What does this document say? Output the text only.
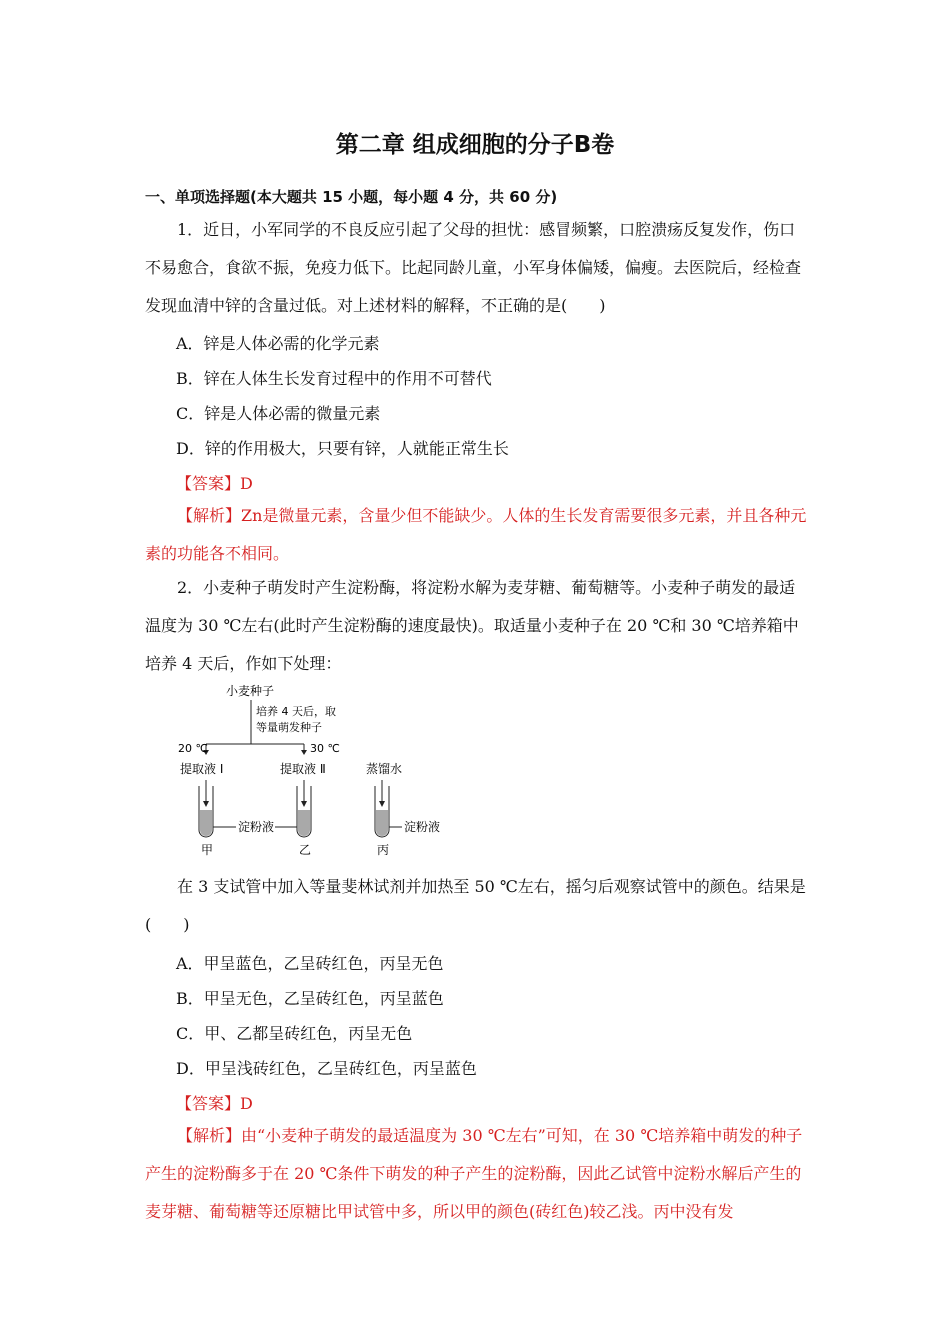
第二章 组成细胞的分子B卷
一、单项选择题(本大题共 15 小题，每小题 4 分，共 60 分)
1．近日，小军同学的不良反应引起了父母的担忧：感冒频繁，口腔溃疡反复发作，伤口不易愈合，食欲不振，免疫力低下。比起同龄儿童，小军身体偏矮，偏瘦。去医院后，经检查发现血清中锌的含量过低。对上述材料的解释，不正确的是(　　)
A．锌是人体必需的化学元素
B．锌在人体生长发育过程中的作用不可替代
C．锌是人体必需的微量元素
D．锌的作用极大，只要有锌，人就能正常生长
【答案】D
【解析】Zn是微量元素，含量少但不能缺少。人体的生长发育需要很多元素，并且各种元素的功能各不相同。
2．小麦种子萌发时产生淀粉酶，将淀粉水解为麦芽糖、葡萄糖等。小麦种子萌发的最适温度为 30 ℃左右(此时产生淀粉酶的速度最快)。取适量小麦种子在 20 ℃和 30 ℃培养箱中培养 4 天后，作如下处理：
小麦种子
培养 4 天后，取
等量萌发种子
20 ℃	30 ℃
提取液 Ⅰ	提取液 Ⅱ	蒸馏水
淀粉液	淀粉液
甲	乙	丙
在 3 支试管中加入等量斐林试剂并加热至 50 ℃左右，摇匀后观察试管中的颜色。结果是(　　)
A．甲呈蓝色，乙呈砖红色，丙呈无色
B．甲呈无色，乙呈砖红色，丙呈蓝色
C．甲、乙都呈砖红色，丙呈无色
D．甲呈浅砖红色，乙呈砖红色，丙呈蓝色
【答案】D
【解析】由“小麦种子萌发的最适温度为 30 ℃左右”可知，在 30 ℃培养箱中萌发的种子产生的淀粉酶多于在 20 ℃条件下萌发的种子产生的淀粉酶，因此乙试管中淀粉水解后产生的麦芽糖、葡萄糖等还原糖比甲试管中多，所以甲的颜色(砖红色)较乙浅。丙中没有发
